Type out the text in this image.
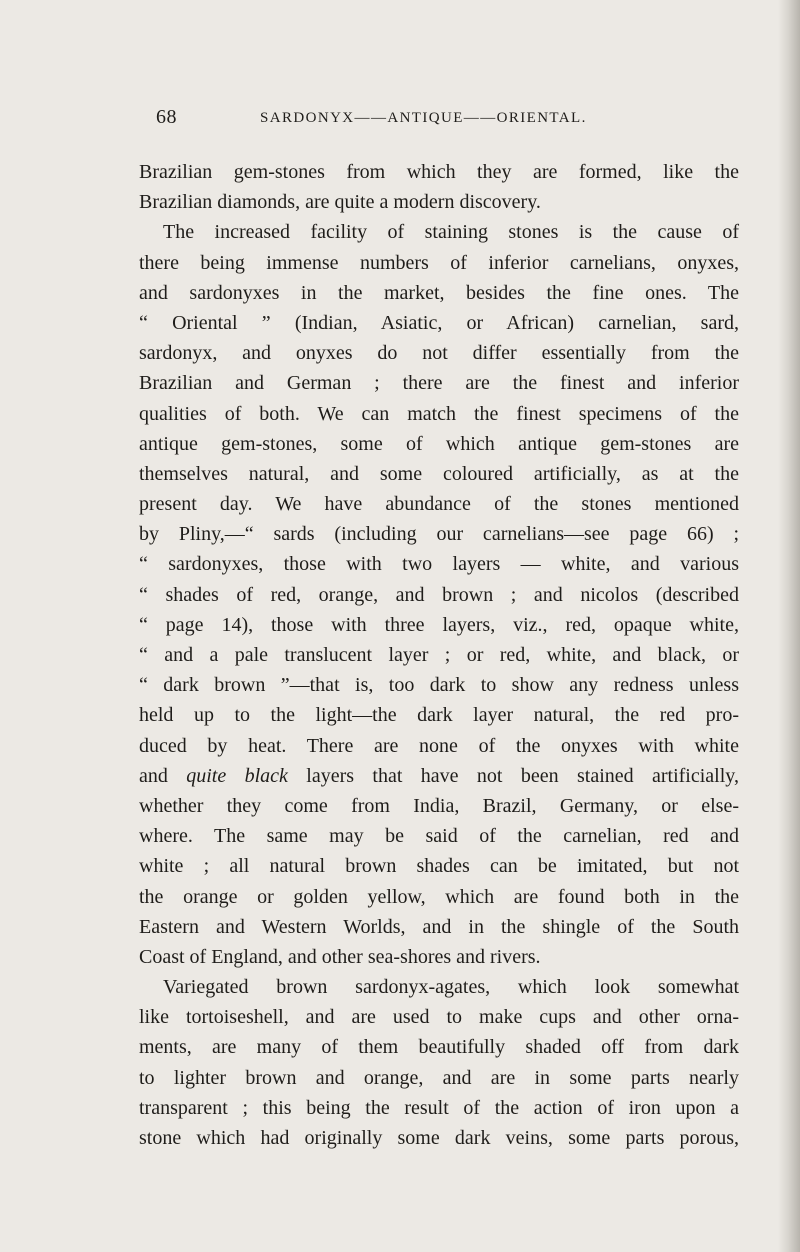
68	SARDONYX——ANTIQUE——ORIENTAL.
Brazilian gem-stones from which they are formed, like the
Brazilian diamonds, are quite a modern discovery.
The increased facility of staining stones is the cause of
there being immense numbers of inferior carnelians, onyxes,
and sardonyxes in the market, besides the fine ones. The
“ Oriental ” (Indian, Asiatic, or African) carnelian, sard,
sardonyx, and onyxes do not differ essentially from the
Brazilian and German ; there are the finest and inferior
qualities of both. We can match the finest specimens of the
antique gem-stones, some of which antique gem-stones are
themselves natural, and some coloured artificially, as at the
present day. We have abundance of the stones mentioned
by Pliny,—“ sards (including our carnelians—see page 66) ;
“ sardonyxes, those with two layers — white, and various
“ shades of red, orange, and brown ; and nicolos (described
“ page 14), those with three layers, viz., red, opaque white,
“ and a pale translucent layer ; or red, white, and black, or
“ dark brown ”—that is, too dark to show any redness unless
held up to the light—the dark layer natural, the red pro-
duced by heat. There are none of the onyxes with white
and quite black layers that have not been stained artificially,
whether they come from India, Brazil, Germany, or else-
where. The same may be said of the carnelian, red and
white ; all natural brown shades can be imitated, but not
the orange or golden yellow, which are found both in the
Eastern and Western Worlds, and in the shingle of the South
Coast of England, and other sea-shores and rivers.
Variegated brown sardonyx-agates, which look somewhat
like tortoiseshell, and are used to make cups and other orna-
ments, are many of them beautifully shaded off from dark
to lighter brown and orange, and are in some parts nearly
transparent ; this being the result of the action of iron upon a
stone which had originally some dark veins, some parts porous,
